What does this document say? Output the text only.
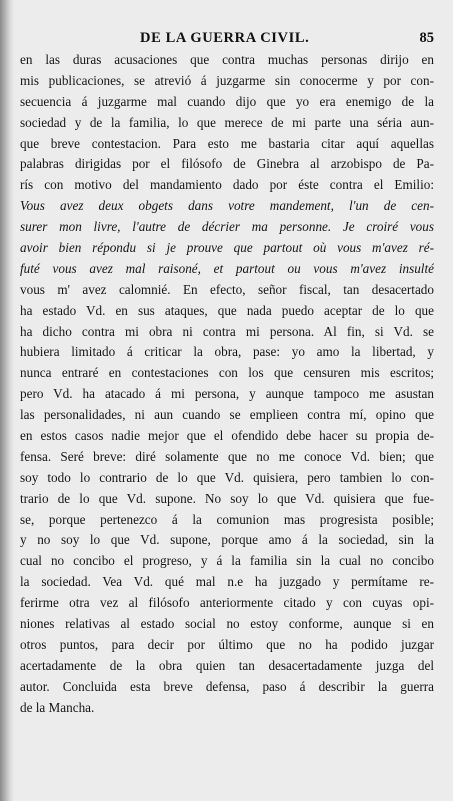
DE LA GUERRA CIVIL.	85
en las duras acusaciones que contra muchas personas dirijo en
mis publicaciones, se atrevió á juzgarme sin conocerme y por con-
secuencia á juzgarme mal cuando dijo que yo era enemigo de la
sociedad y de la familia, lo que merece de mi parte una séria aun-
que breve contestacion. Para esto me bastaria citar aquí aquellas
palabras dirigidas por el filósofo de Ginebra al arzobispo de Pa-
rís con motivo del mandamiento dado por éste contra el Emilio:
Vous avez deux obgets dans votre mandement, l'un de cen-
surer mon livre, l'autre de décrier ma personne. Je croiré vous
avoir bien répondu si je prouve que partout où vous m'avez ré-
futé vous avez mal raisoné, et partout ou vous m'avez insulté
vous m' avez calomnié. En efecto, señor fiscal, tan desacertado
ha estado Vd. en sus ataques, que nada puedo aceptar de lo que
ha dicho contra mi obra ni contra mi persona. Al fin, si Vd. se
hubiera limitado á criticar la obra, pase: yo amo la libertad, y
nunca entraré en contestaciones con los que censuren mis escritos;
pero Vd. ha atacado á mi persona, y aunque tampoco me asustan
las personalidades, ni aun cuando se emplieen contra mí, opino que
en estos casos nadie mejor que el ofendido debe hacer su propia de-
fensa. Seré breve: diré solamente que no me conoce Vd. bien; que
soy todo lo contrario de lo que Vd. quisiera, pero tambien lo con-
trario de lo que Vd. supone. No soy lo que Vd. quisiera que fue-
se, porque pertenezco á la comunion mas progresista posible;
y no soy lo que Vd. supone, porque amo á la sociedad, sin la
cual no concibo el progreso, y á la familia sin la cual no concibo
la sociedad. Vea Vd. qué mal n.e ha juzgado y permítame re-
ferirme otra vez al filósofo anteriormente citado y con cuyas opi-
niones relativas al estado social no estoy conforme, aunque si en
otros puntos, para decir por último que no ha podido juzgar
acertadamente de la obra quien tan desacertadamente juzga del
autor. Concluida esta breve defensa, paso á describir la guerra
de la Mancha.
